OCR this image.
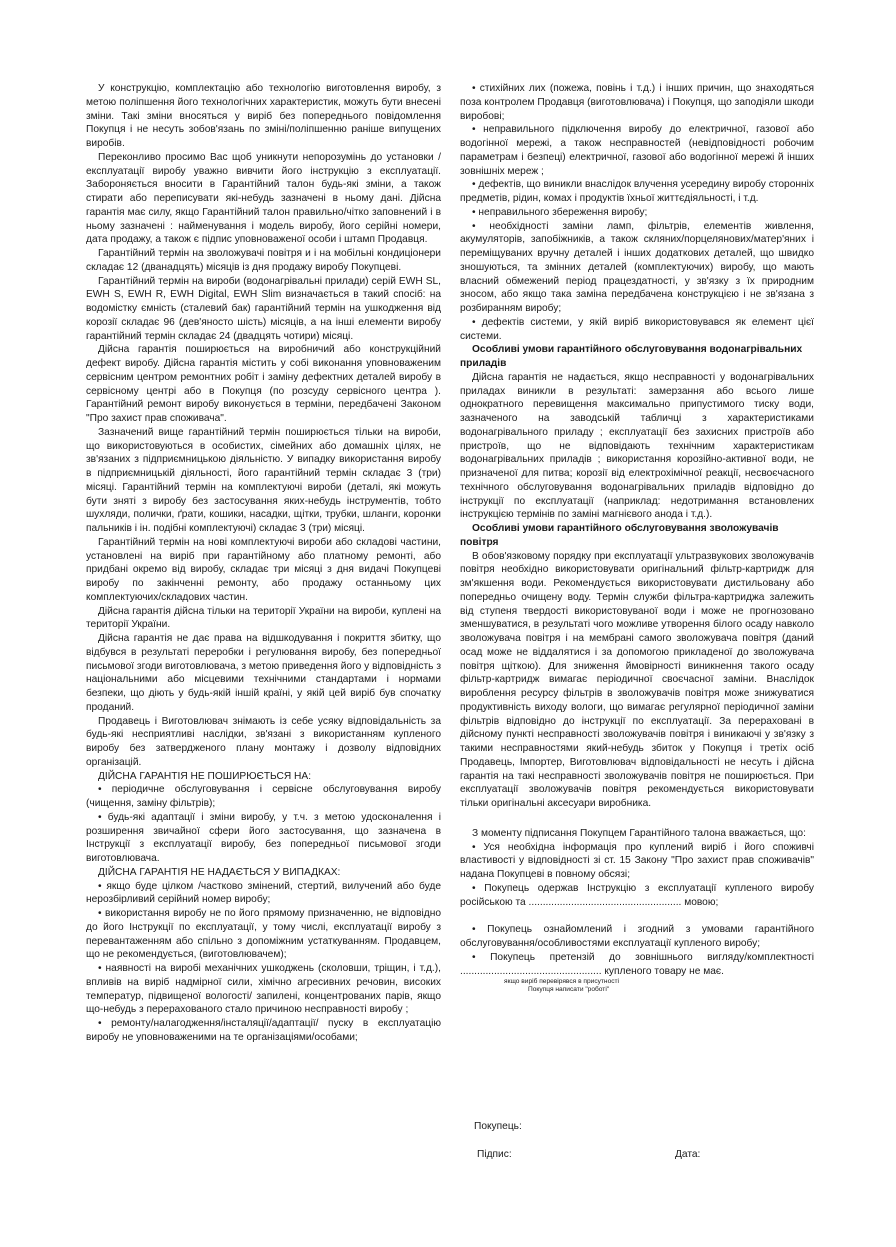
У конструкцію, комплектацію або технологію виготовлення виробу, з метою поліпшення його технологічних характеристик, можуть бути внесені зміни. Такі зміни вносяться у виріб без попереднього повідомлення Покупця і не несуть зобов'язань по зміні/поліпшенню раніше випущених виробів.

Переконливо просимо Вас щоб уникнути непорозумінь до установки /експлуатації виробу уважно вивчити його інструкцію з експлуатації. Забороняється вносити в Гарантійний талон будь-які зміни, а також стирати або переписувати які-небудь зазначені в ньому дані. Дійсна гарантія має силу, якщо Гарантійний талон правильно/чітко заповнений і в ньому зазначені : найменування і модель виробу, його серійні номери, дата продажу, а також є підпис уповноваженої особи і штамп Продавця.

Гарантійний термін на зволожувачі повітря и і на мобільні кондиціонери складає 12 (дванадцять) місяців із дня продажу виробу Покупцеві.

Гарантійний термін на вироби (водонагрівальні прилади) серій EWH SL, EWH S, EWH R, EWH Digital, EWH Slim визначається в такий спосіб: на водомістку ємність (сталевий бак) гарантійний термін на ушкодження від корозії складає 96 (дев'яносто шість) місяців, а на інші елементи виробу гарантійний термін складає 24 (двадцять чотири) місяці.

Дійсна гарантія поширюється на виробничий або конструкційний дефект виробу. Дійсна гарантія містить у собі виконання уповноваженим сервісним центром ремонтних робіт і заміну дефектних деталей виробу в сервісному центрі або в Покупця (по розсуду сервісного центра ). Гарантійний ремонт виробу виконується в терміни, передбачені Законом "Про захист прав споживача".

Зазначений вище гарантійний термін поширюється тільки на вироби, що використовуються в особистих, сімейних або домашніх цілях, не зв'язаних з підприємницькою діяльністю. У випадку використання виробу в підприємницькій діяльності, його гарантійний термін складає 3 (три) місяці. Гарантійний термін на комплектуючі вироби (деталі, які можуть бути зняті з виробу без застосування яких-небудь інструментів, тобто шухляди, полички, ґрати, кошики, насадки, щітки, трубки, шланги, коронки пальників і ін. подібні комплектуючі) складає 3 (три) місяці.

Гарантійний термін на нові комплектуючі вироби або складові частини, установлені на виріб при гарантійному або платному ремонті, або придбані окремо від виробу, складає три місяці з дня видачі Покупцеві виробу по закінченні ремонту, або продажу останньому цих комплектуючих/складових частин.

Дійсна гарантія дійсна тільки на території України на вироби, куплені на території України.

Дійсна гарантія не дає права на відшкодування і покриття збитку, що відбувся в результаті переробки і регулювання виробу, без попередньої письмової згоди виготовлювача, з метою приведення його у відповідність з національними або місцевими технічними стандартами і нормами безпеки, що діють у будь-якій іншій країні, у якій цей виріб був спочатку проданий.

Продавець і Виготовлювач знімають із себе усяку відповідальність за будь-які несприятливі наслідки, зв'язані з використанням купленого виробу без затвердженого плану монтажу і дозволу відповідних організацій.

ДІЙСНА ГАРАНТІЯ НЕ ПОШИРЮЄТЬСЯ НА:

• періодичне обслуговування і сервісне обслуговування виробу (чищення, заміну фільтрів);

• будь-які адаптації і зміни виробу, у т.ч. з метою удосконалення і розширення звичайної сфери його застосування, що зазначена в Інструкції з експлуатації виробу, без попередньої письмової згоди виготовлювача.

ДІЙСНА ГАРАНТІЯ НЕ НАДАЄТЬСЯ У ВИПАДКАХ:

• якщо буде цілком /частково змінений, стертий, вилучений або буде нерозбірливий серійний номер виробу;

• використання виробу не по його прямому призначенню, не відповідно до його Інструкції по експлуатації, у тому числі, експлуатації виробу з перевантаженням або спільно з допоміжним устаткуванням. Продавцем, що не рекомендується, (виготовлювачем);

• наявності на виробі механічних ушкоджень (сколовши, тріщин, і т.д.), впливів на виріб надмірної сили, хімічно агресивних речовин, високих температур, підвищеної вологості/ запилені, концентрованих парів, якщо що-небудь з перерахованого стало причиною несправності виробу ;

• ремонту/налагодження/інсталяції/адаптації/ пуску в експлуатацію виробу не уповноваженими на те організаціями/особами;

• стихійних лих (пожежа, повінь і т.д.) і інших причин, що знаходяться поза контролем Продавця (виготовлювача) і Покупця, що заподіяли шкоди виробові;

• неправильного підключення виробу до електричної, газової або водогінної мережі, а також несправностей (невідповідності робочим параметрам і безпеці) електричної, газової або водогінної мережі й інших зовнішніх мереж ;

• дефектів, що виникли внаслідок влучення усередину виробу сторонніх предметів, рідин, комах і продуктів їхньої життєдіяльності, і т.д.

• неправильного збереження виробу;

• необхідності заміни ламп, фільтрів, елементів живлення, акумуляторів, запобіжників, а також скляних/порцелянових/матер'яних і переміщуваних вручну деталей і інших додаткових деталей, що швидко зношуються, та змінних деталей (комплектуючих) виробу, що мають власний обмежений період працездатності, у зв'язку з їх природним зносом, або якщо така заміна передбачена конструкцією і не зв'язана з розбиранням виробу;

• дефектів системи, у якій виріб використовувався як елемент цієї системи.

Особливі умови гарантійного обслуговування водонагрівальних приладів

Дійсна гарантія не надається, якщо несправності у водонагрівальних приладах виникли в результаті: замерзання або всього лише однократного перевищення максимально припустимого тиску води, зазначеного на заводській табличці з характеристиками водонагрівального приладу ; експлуатації без захисних пристроїв або пристроїв, що не відповідають технічним характеристикам водонагрівальних приладів ; використання корозійно-активної води, не призначеної для питва; корозії від електрохімічної реакції, несвоєчасного технічного обслуговування водонагрівальних приладів відповідно до інструкції по експлуатації (наприклад: недотримання встановлених інструкцією термінів по заміні магнієвого анода і т.д.).

Особливі умови гарантійного обслуговування зволожувачів повітря

В обов'язковому порядку при експлуатації ультразвукових зволожувачів повітря необхідно використовувати оригінальний фільтр-картридж для зм'якшення води. Рекомендується використовувати дистильовану або попередньо очищену воду. Термін служби фільтра-картриджа залежить від ступеня твердості використовуваної води і може не прогнозовано зменшуватися, в результаті чого можливе утворення білого осаду навколо зволожувача повітря і на мембрані самого зволожувача повітря (даний осад може не віддалятися і за допомогою прикладеної до зволожувача повітря щіткою). Для зниження ймовірності виникнення такого осаду фільтр-картридж вимагає періодичної своєчасної заміни. Внаслідок вироблення ресурсу фільтрів в зволожувачів повітря може знижуватися продуктивність виходу вологи, що вимагає регулярної періодичної заміни фільтрів відповідно до інструкції по експлуатації. За перераховані в дійсному пункті несправності зволожувачів повітря і виникаючі у зв'язку з такими несправностями який-небудь збиток у Покупця і третіх осіб Продавець, Імпортер, Виготовлювач відповідальності не несуть і дійсна гарантія на такі несправності зволожувачів повітря не поширюється. При експлуатації зволожувачів повітря рекомендується використовувати тільки оригінальні аксесуари виробника.

З моменту підписання Покупцем Гарантійного талона вважається, що:

• Уся необхідна інформація про куплений виріб і його споживчі властивості у відповідності зі ст. 15 Закону "Про захист прав споживачів" надана Покупцеві в повному обсязі;

• Покупець одержав Інструкцію з експлуатації купленого виробу російською та ...................................................... мовою;

• Покупець ознайомлений і згодний з умовами гарантійного обслуговування/особливостями експлуатації купленого виробу;

• Покупець претензій до зовнішнього вигляду/комплектності .................................................. купленого товару не має.

якщо виріб перевірявся в присутності
Покупця написати "роботі"
Покупець:
Підпис:	Дата:
